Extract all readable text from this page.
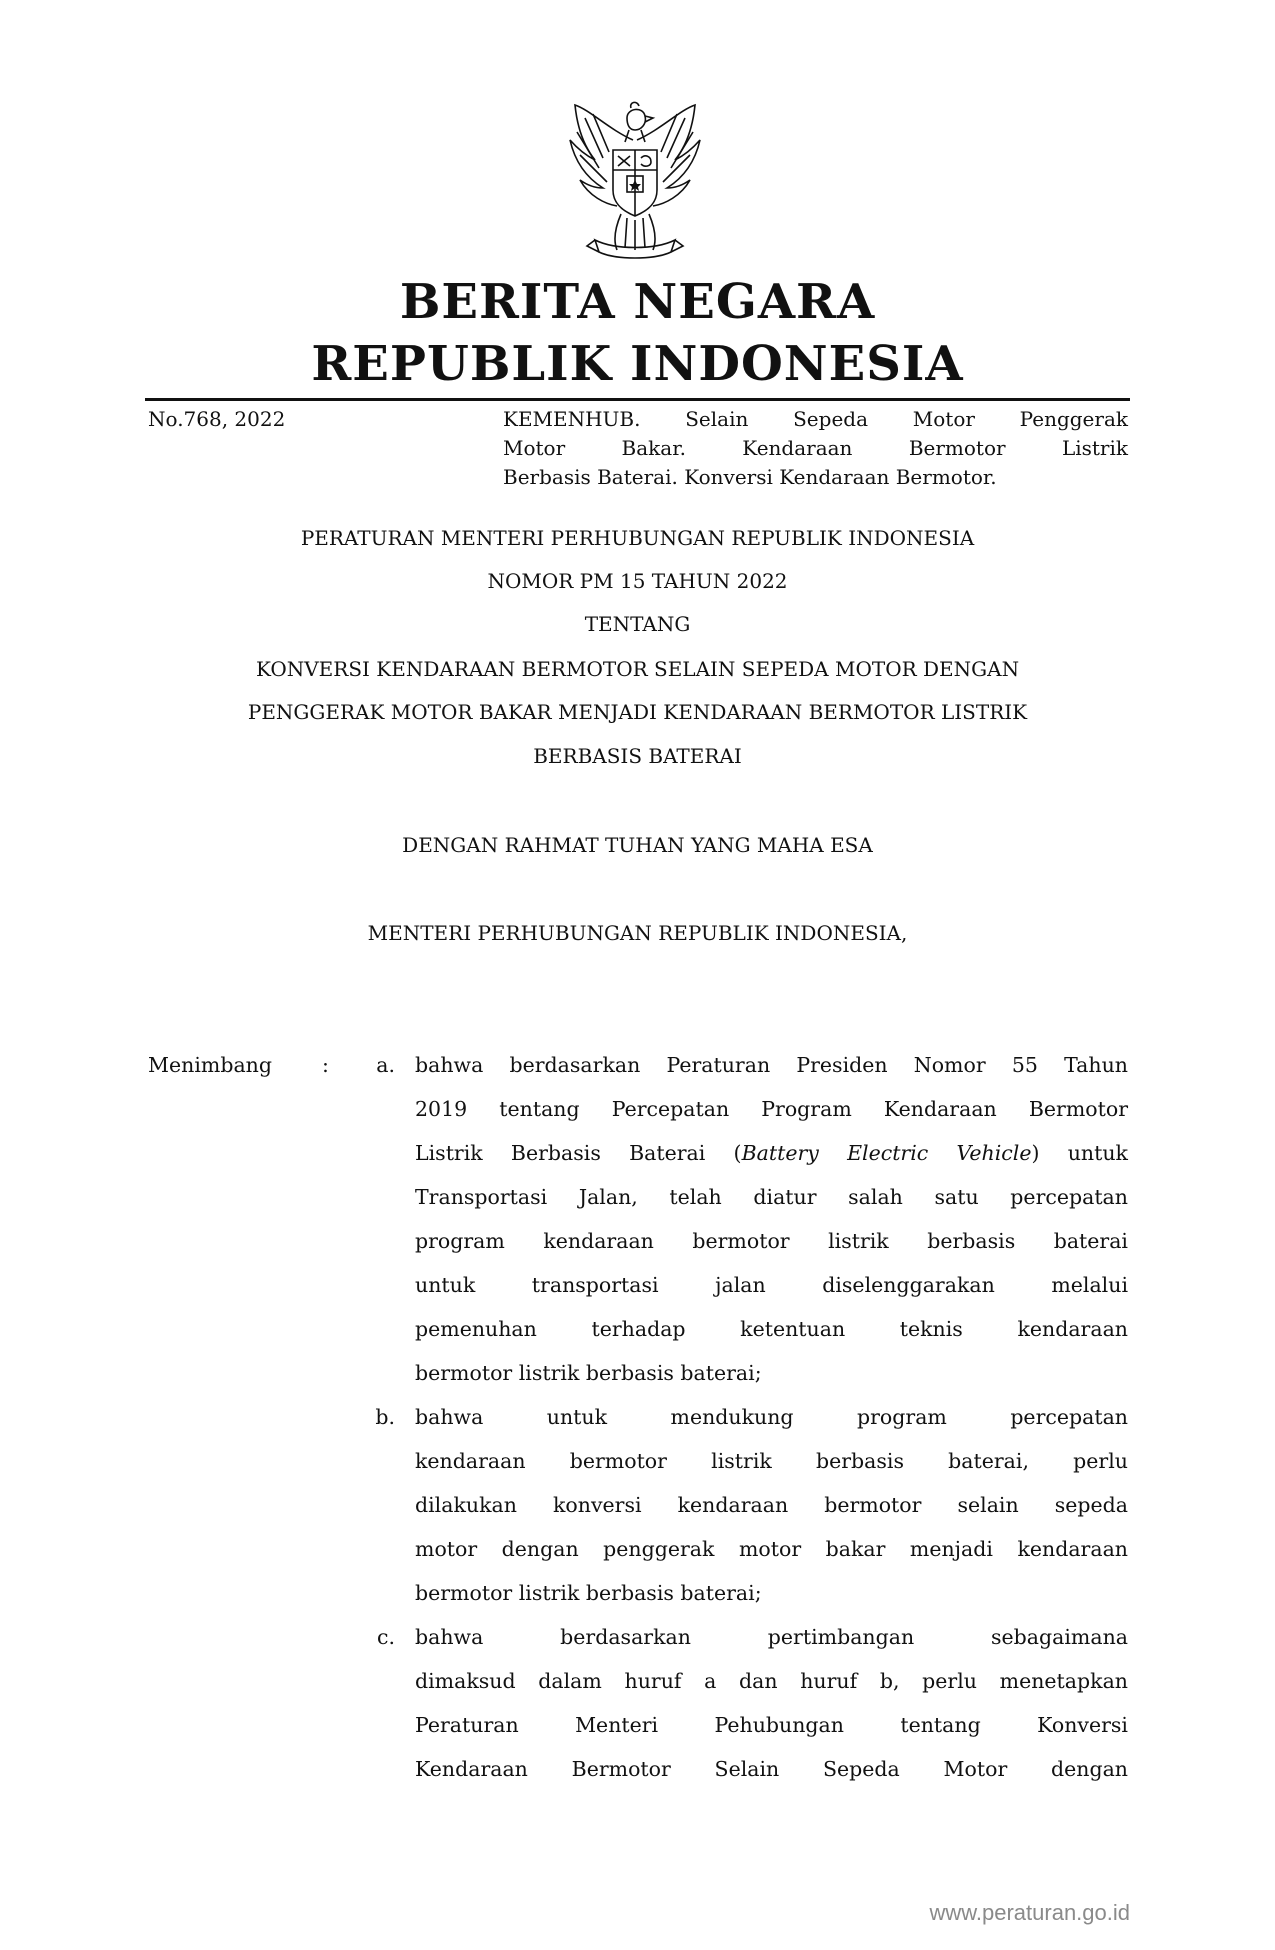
BERITA NEGARA
REPUBLIK INDONESIA
No.768, 2022	KEMENHUB. Selain Sepeda Motor Penggerak
Motor Bakar. Kendaraan Bermotor Listrik
Berbasis Baterai. Konversi Kendaraan Bermotor.
PERATURAN MENTERI PERHUBUNGAN REPUBLIK INDONESIA
NOMOR PM 15 TAHUN 2022
TENTANG
KONVERSI KENDARAAN BERMOTOR SELAIN SEPEDA MOTOR DENGAN
PENGGERAK MOTOR BAKAR MENJADI KENDARAAN BERMOTOR LISTRIK
BERBASIS BATERAI
DENGAN RAHMAT TUHAN YANG MAHA ESA
MENTERI PERHUBUNGAN REPUBLIK INDONESIA,
Menimbang :	a. bahwa berdasarkan Peraturan Presiden Nomor 55 Tahun
2019 tentang Percepatan Program Kendaraan Bermotor
Listrik Berbasis Baterai (Battery Electric Vehicle) untuk
Transportasi Jalan, telah diatur salah satu percepatan
program kendaraan bermotor listrik berbasis baterai
untuk transportasi jalan diselenggarakan melalui
pemenuhan terhadap ketentuan teknis kendaraan
bermotor listrik berbasis baterai;
b. bahwa untuk mendukung program percepatan
kendaraan bermotor listrik berbasis baterai, perlu
dilakukan konversi kendaraan bermotor selain sepeda
motor dengan penggerak motor bakar menjadi kendaraan
bermotor listrik berbasis baterai;
c. bahwa berdasarkan pertimbangan sebagaimana
dimaksud dalam huruf a dan huruf b, perlu menetapkan
Peraturan Menteri Pehubungan tentang Konversi
Kendaraan Bermotor Selain Sepeda Motor dengan
www.peraturan.go.id
